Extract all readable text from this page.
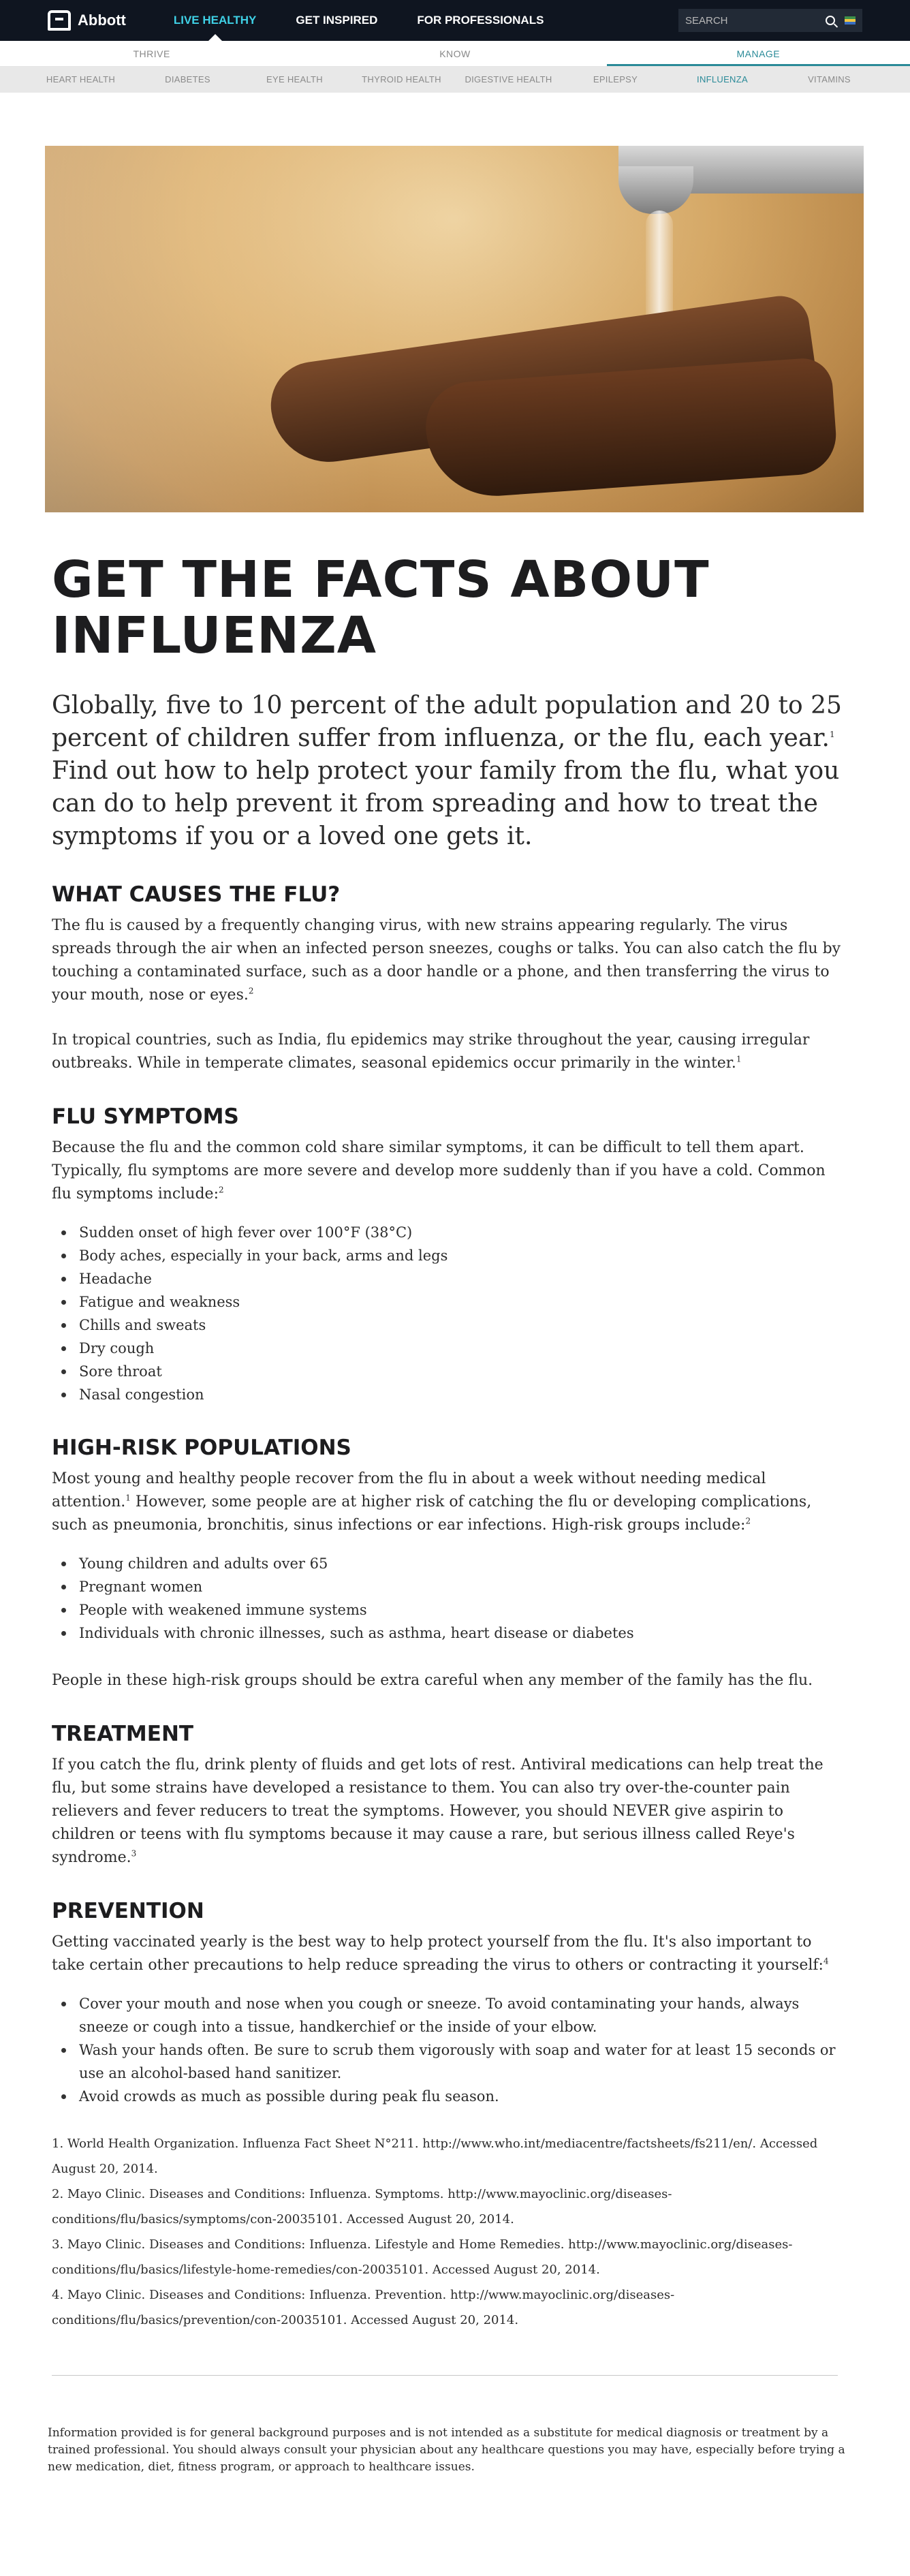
Abbott	LIVE HEALTHY	GET INSPIRED	FOR PROFESSIONALS
SEARCH
THRIVE	KNOW	MANAGE
HEART HEALTH	DIABETES	EYE HEALTH	THYROID HEALTH	DIGESTIVE HEALTH	EPILEPSY	INFLUENZA	VITAMINS
GET THE FACTS ABOUT INFLUENZA
Globally, five to 10 percent of the adult population and 20 to 25 percent of children suffer from influenza, or the flu, each year.$^1$ Find out how to help protect your family from the flu, what you can do to help prevent it from spreading and how to treat the symptoms if you or a loved one gets it.
WHAT CAUSES THE FLU?

The flu is caused by a frequently changing virus, with new strains appearing regularly. The virus spreads through the air when an infected person sneezes, coughs or talks. You can also catch the flu by touching a contaminated surface, such as a door handle or a phone, and then transferring the virus to your mouth, nose or eyes.$^2$

In tropical countries, such as India, flu epidemics may strike throughout the year, causing irregular outbreaks. While in temperate climates, seasonal epidemics occur primarily in the winter.$^1$

FLU SYMPTOMS

Because the flu and the common cold share similar symptoms, it can be difficult to tell them apart. Typically, flu symptoms are more severe and develop more suddenly than if you have a cold. Common flu symptoms include:$^2$

Sudden onset of high fever over 100°F (38°C)
Body aches, especially in your back, arms and legs
Headache
Fatigue and weakness
Chills and sweats
Dry cough
Sore throat
Nasal congestion
HIGH-RISK POPULATIONS

Most young and healthy people recover from the flu in about a week without needing medical attention.$^1$ However, some people are at higher risk of catching the flu or developing complications, such as pneumonia, bronchitis, sinus infections or ear infections. High-risk groups include:$^2$

Young children and adults over 65
Pregnant women
People with weakened immune systems
Individuals with chronic illnesses, such as asthma, heart disease or diabetes

People in these high-risk groups should be extra careful when any member of the family has the flu.

TREATMENT

If you catch the flu, drink plenty of fluids and get lots of rest. Antiviral medications can help treat the flu, but some strains have developed a resistance to them. You can also try over-the-counter pain relievers and fever reducers to treat the symptoms. However, you should NEVER give aspirin to children or teens with flu symptoms because it may cause a rare, but serious illness called Reye's syndrome.$^3$

PREVENTION

Getting vaccinated yearly is the best way to help protect yourself from the flu. It's also important to take certain other precautions to help reduce spreading the virus to others or contracting it yourself:$^4$

Cover your mouth and nose when you cough or sneeze. To avoid contaminating your hands, always sneeze or cough into a tissue, handkerchief or the inside of your elbow.
Wash your hands often. Be sure to scrub them vigorously with soap and water for at least 15 seconds or use an alcohol-based hand sanitizer.
Avoid crowds as much as possible during peak flu season.
1. World Health Organization. Influenza Fact Sheet N°211. http://www.who.int/mediacentre/factsheets/fs211/en/. Accessed August 20, 2014.
2. Mayo Clinic. Diseases and Conditions: Influenza. Symptoms. http://www.mayoclinic.org/diseases-conditions/flu/basics/symptoms/con-20035101. Accessed August 20, 2014.
3. Mayo Clinic. Diseases and Conditions: Influenza. Lifestyle and Home Remedies. http://www.mayoclinic.org/diseases-conditions/flu/basics/lifestyle-home-remedies/con-20035101. Accessed August 20, 2014.
4. Mayo Clinic. Diseases and Conditions: Influenza. Prevention. http://www.mayoclinic.org/diseases-conditions/flu/basics/prevention/con-20035101. Accessed August 20, 2014.
Information provided is for general background purposes and is not intended as a substitute for medical diagnosis or treatment by a trained professional. You should always consult your physician about any healthcare questions you may have, especially before trying a new medication, diet, fitness program, or approach to healthcare issues.
